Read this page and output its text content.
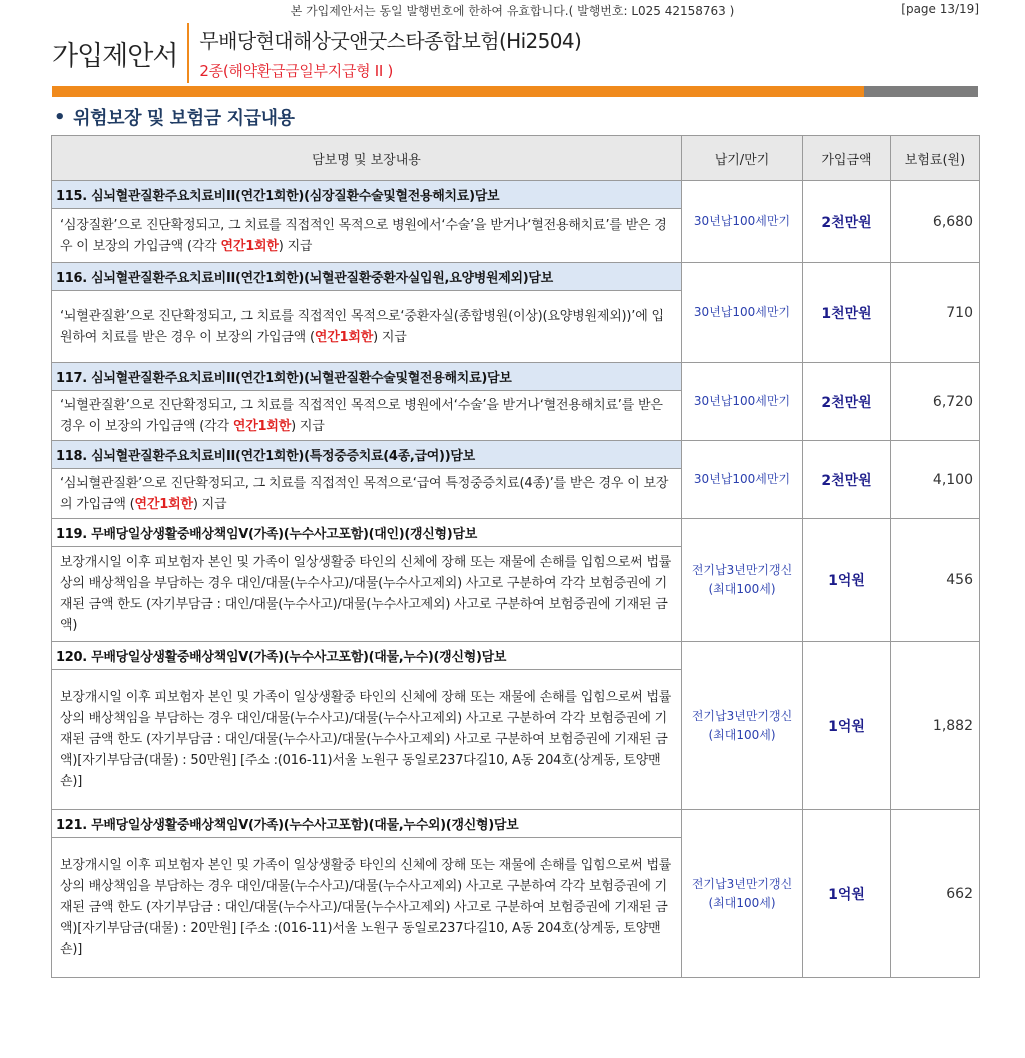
본 가입제안서는 동일 발행번호에 한하여 유효합니다.( 발행번호: L025 42158763 )	[page 13/19]
가입제안서	무배당현대해상굿앤굿스타종합보험(Hi2504)
2종(해약환급금일부지급형 II )
• 위험보장 및 보험금 지급내용
담보명 및 보장내용	납기/만기	가입금액	보험료(원)
115. 심뇌혈관질환주요치료비II(연간1회한)(심장질환수술및혈전용해치료)담보	30년납100세만기	2천만원	6,680
‘심장질환’으로 진단확정되고, 그 치료를 직접적인 목적으로 병원에서‘수술’을 받거나‘혈전용해치료’를 받은 경우 이 보장의 가입금액 (각각 연간1회한) 지급			
116. 심뇌혈관질환주요치료비II(연간1회한)(뇌혈관질환중환자실입원,요양병원제외)담보	30년납100세만기	1천만원	710
‘뇌혈관질환’으로 진단확정되고, 그 치료를 직접적인 목적으로‘중환자실(종합병원(이상)(요양병원제외))’에 입원하여 치료를 받은 경우 이 보장의 가입금액 (연간1회한) 지급			
117. 심뇌혈관질환주요치료비II(연간1회한)(뇌혈관질환수술및혈전용해치료)담보	30년납100세만기	2천만원	6,720
‘뇌혈관질환’으로 진단확정되고, 그 치료를 직접적인 목적으로 병원에서‘수술’을 받거나‘혈전용해치료’를 받은 경우 이 보장의 가입금액 (각각 연간1회한) 지급			
118. 심뇌혈관질환주요치료비II(연간1회한)(특정중증치료(4종,급여))담보	30년납100세만기	2천만원	4,100
‘심뇌혈관질환’으로 진단확정되고, 그 치료를 직접적인 목적으로‘급여 특정중증치료(4종)’를 받은 경우 이 보장의 가입금액 (연간1회한) 지급			
119. 무배당일상생활중배상책임V(가족)(누수사고포함)(대인)(갱신형)담보	전기납3년만기갱신(최대100세)	1억원	456
보장개시일 이후 피보험자 본인 및 가족이 일상생활중 타인의 신체에 장해 또는 재물에 손해를 입힘으로써 법률상의 배상책임을 부담하는 경우 대인/대물(누수사고)/대물(누수사고제외) 사고로 구분하여 각각 보험증권에 기재된 금액 한도 (자기부담금 : 대인/대물(누수사고)/대물(누수사고제외) 사고로 구분하여 보험증권에 기재된 금액)			
120. 무배당일상생활중배상책임V(가족)(누수사고포함)(대물,누수)(갱신형)담보	전기납3년만기갱신(최대100세)	1억원	1,882
보장개시일 이후 피보험자 본인 및 가족이 일상생활중 타인의 신체에 장해 또는 재물에 손해를 입힘으로써 법률상의 배상책임을 부담하는 경우 대인/대물(누수사고)/대물(누수사고제외) 사고로 구분하여 각각 보험증권에 기재된 금액 한도 (자기부담금 : 대인/대물(누수사고)/대물(누수사고제외) 사고로 구분하여 보험증권에 기재된 금액)[자기부담금(대물) : 50만원] [주소 :(016-11)서울 노원구 동일로237다길10, A동 204호(상계동, 토양맨숀)]			
121. 무배당일상생활중배상책임V(가족)(누수사고포함)(대물,누수외)(갱신형)담보	전기납3년만기갱신(최대100세)	1억원	662
보장개시일 이후 피보험자 본인 및 가족이 일상생활중 타인의 신체에 장해 또는 재물에 손해를 입힘으로써 법률상의 배상책임을 부담하는 경우 대인/대물(누수사고)/대물(누수사고제외) 사고로 구분하여 각각 보험증권에 기재된 금액 한도 (자기부담금 : 대인/대물(누수사고)/대물(누수사고제외) 사고로 구분하여 보험증권에 기재된 금액)[자기부담금(대물) : 20만원] [주소 :(016-11)서울 노원구 동일로237다길10, A동 204호(상계동, 토양맨숀)]			
